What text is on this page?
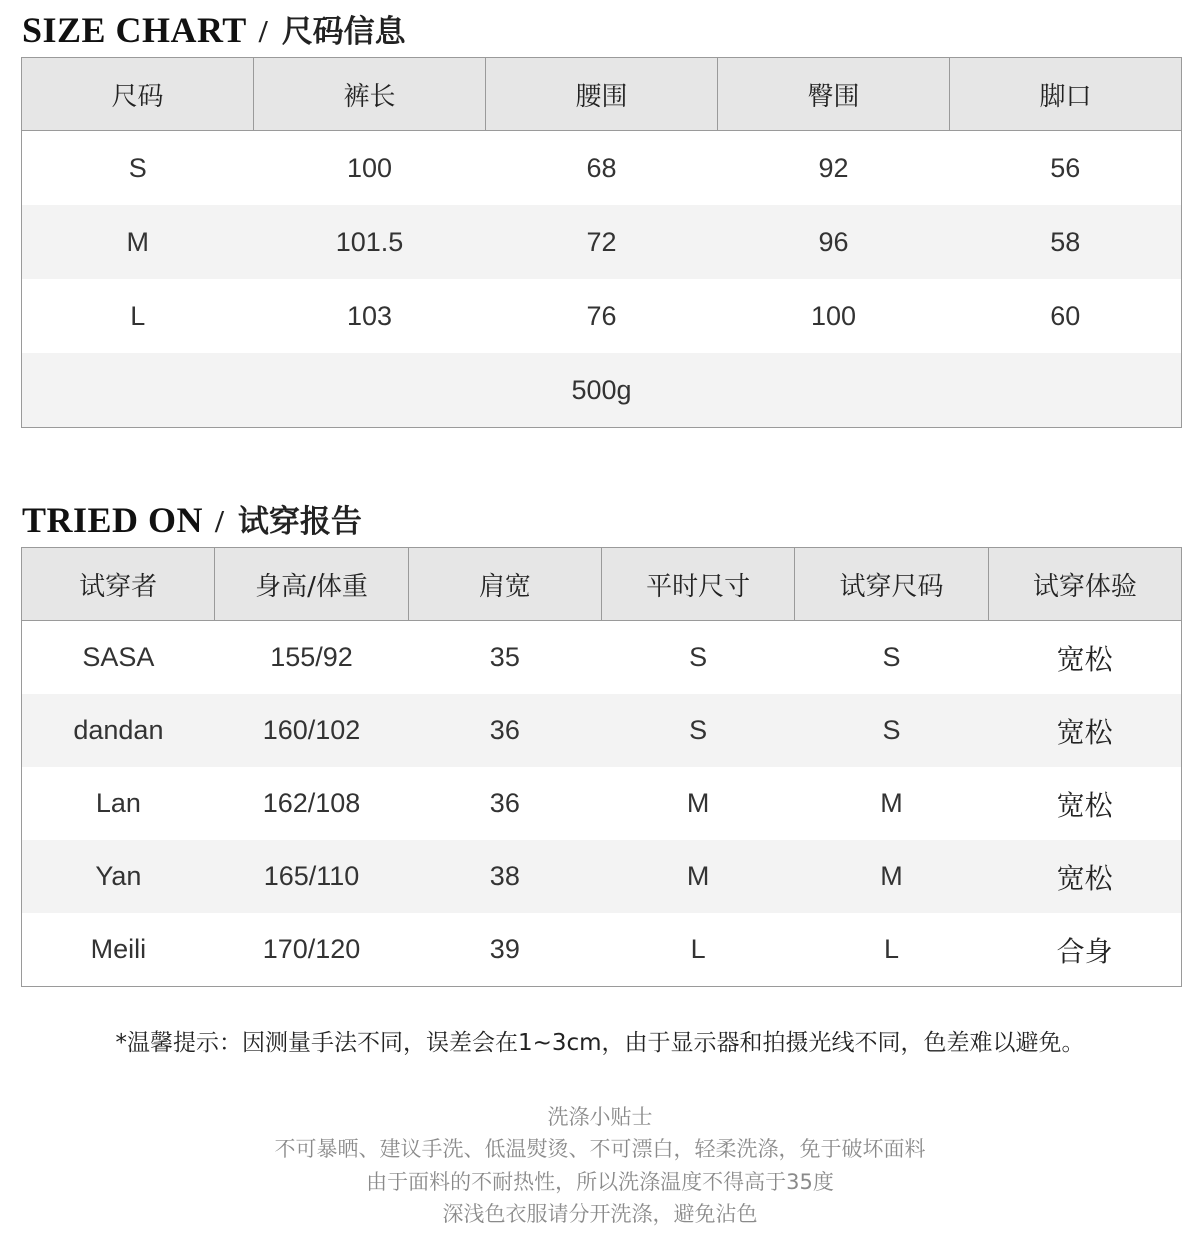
SIZE CHART / 尺码信息
尺码	裤长	腰围	臀围	脚口
S	100	68	92	56
M	101.5	72	96	58
L	103	76	100	60
500g				
TRIED ON / 试穿报告
试穿者	身高/体重	肩宽	平时尺寸	试穿尺码	试穿体验
SASA	155/92	35	S	S	宽松
dandan	160/102	36	S	S	宽松
Lan	162/108	36	M	M	宽松
Yan	165/110	38	M	M	宽松
Meili	170/120	39	L	L	合身

*温馨提示：因测量手法不同，误差会在1~3cm，由于显示器和拍摄光线不同，色差难以避免。

洗涤小贴士

不可暴晒、建议手洗、低温熨烫、不可漂白，轻柔洗涤，免于破坏面料

由于面料的不耐热性，所以洗涤温度不得高于35度

深浅色衣服请分开洗涤，避免沾色
